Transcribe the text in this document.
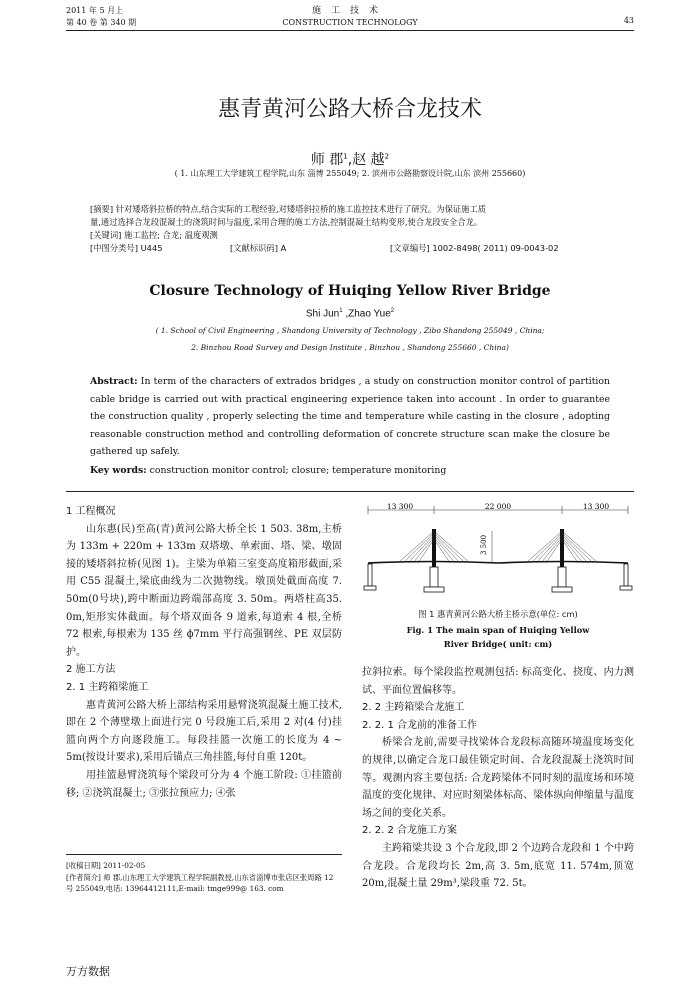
2011 年 5 月上
第 40 卷 第 340 期
施工技术
CONSTRUCTION TECHNOLOGY	43
惠青黄河公路大桥合龙技术
师 郡$^1$,赵 越$^2$
( 1. 山东理工大学建筑工程学院,山东 淄博 255049; 2. 滨州市公路勘察设计院,山东 滨州 255660)
[摘要] 针对矮塔斜拉桥的特点,结合实际的工程经验,对矮塔斜拉桥的施工监控技术进行了研究。为保证施工质
量,通过选择合龙段混凝土的浇筑时间与温度,采用合理的施工方法,控制混凝土结构变形,使合龙段安全合龙。
[关键词] 施工监控; 合龙; 温度观测
[中图分类号] U445	[文献标识码] A	[文章编号] 1002-8498( 2011) 09-0043-02
Closure Technology of Huiqing Yellow River Bridge
Shi Jun$^1$ ,Zhao Yue$^2$
( 1. School of Civil Engineering , Shandong University of Technology , Zibo Shandong 255049 , China;
2. Binzhou Road Survey and Design Institute , Binzhou , Shandong 255660 , China)
Abstract: In term of the characters of extrados bridges , a study on construction monitor control of partition cable bridge is carried out with practical engineering experience taken into account . In order to guarantee the construction quality , properly selecting the time and temperature while casting in the closure , adopting reasonable construction method and controlling deformation of concrete structure scan make the closure be gathered up safely.
Key words: construction monitor control; closure; temperature monitoring
1 工程概况
山东惠(民)至高(青)黄河公路大桥全长 1 503. 38m,主桥为 133m + 220m + 133m 双塔墩、单索面、塔、梁、墩固接的矮塔斜拉桥(见图 1)。主梁为单箱三室变高度箱形截面,采用 C55 混凝土,梁底曲线为二次抛物线。墩顶处截面高度 7. 50m(0号块),跨中断面边跨端部高度 3. 50m。两塔柱高35. 0m,矩形实体截面。每个塔双面各 9 道索,每道索 4 根,全桥 72 根索,每根索为 135 丝 ϕ7mm 平行高强钢丝、PE 双层防护。
2 施工方法
2. 1 主跨箱梁施工
惠青黄河公路大桥上部结构采用悬臂浇筑混凝土施工技术,即在 2 个薄壁墩上面进行完 0 号段施工后,采用 2 对(4 付)挂篮向两个方向逐段施工。每段挂篮一次施工的长度为 4 ~ 5m(按设计要求),采用后锚点三角挂篮,每付自重 120t。
用挂篮悬臂浇筑每个梁段可分为 4 个施工阶段: ①挂篮前移; ②浇筑混凝土; ③张拉预应力; ④张
[收稿日期] 2011-02-05
[作者简介] 师 郡,山东理工大学建筑工程学院副教授,山东省淄博市张店区张周路 12 号 255049,电话: 13964412111,E-mail: tmge999@ 163. com
13 300	22 000	13 300
3 500
图 1 惠青黄河公路大桥主桥示意(单位: cm)
Fig. 1 The main span of Huiqing Yellow
River Bridge( unit: cm)
拉斜拉索。每个梁段监控观测包括: 标高变化、挠度、内力测试、平面位置偏移等。
2. 2 主跨箱梁合龙施工
2. 2. 1 合龙前的准备工作
桥梁合龙前,需要寻找梁体合龙段标高随环境温度场变化的规律,以确定合龙口最佳锁定时间、合龙段混凝土浇筑时间等。观测内容主要包括: 合龙跨梁体不同时刻的温度场和环境温度的变化规律、对应时刻梁体标高、梁体纵向伸缩量与温度场之间的变化关系。
2. 2. 2 合龙施工方案
主跨箱梁共设 3 个合龙段,即 2 个边跨合龙段和 1 个中跨合龙段。合龙段均长 2m,高 3. 5m,底宽 11. 574m,顶宽 20m,混凝土量 29m³,梁段重 72. 5t。
万方数据
